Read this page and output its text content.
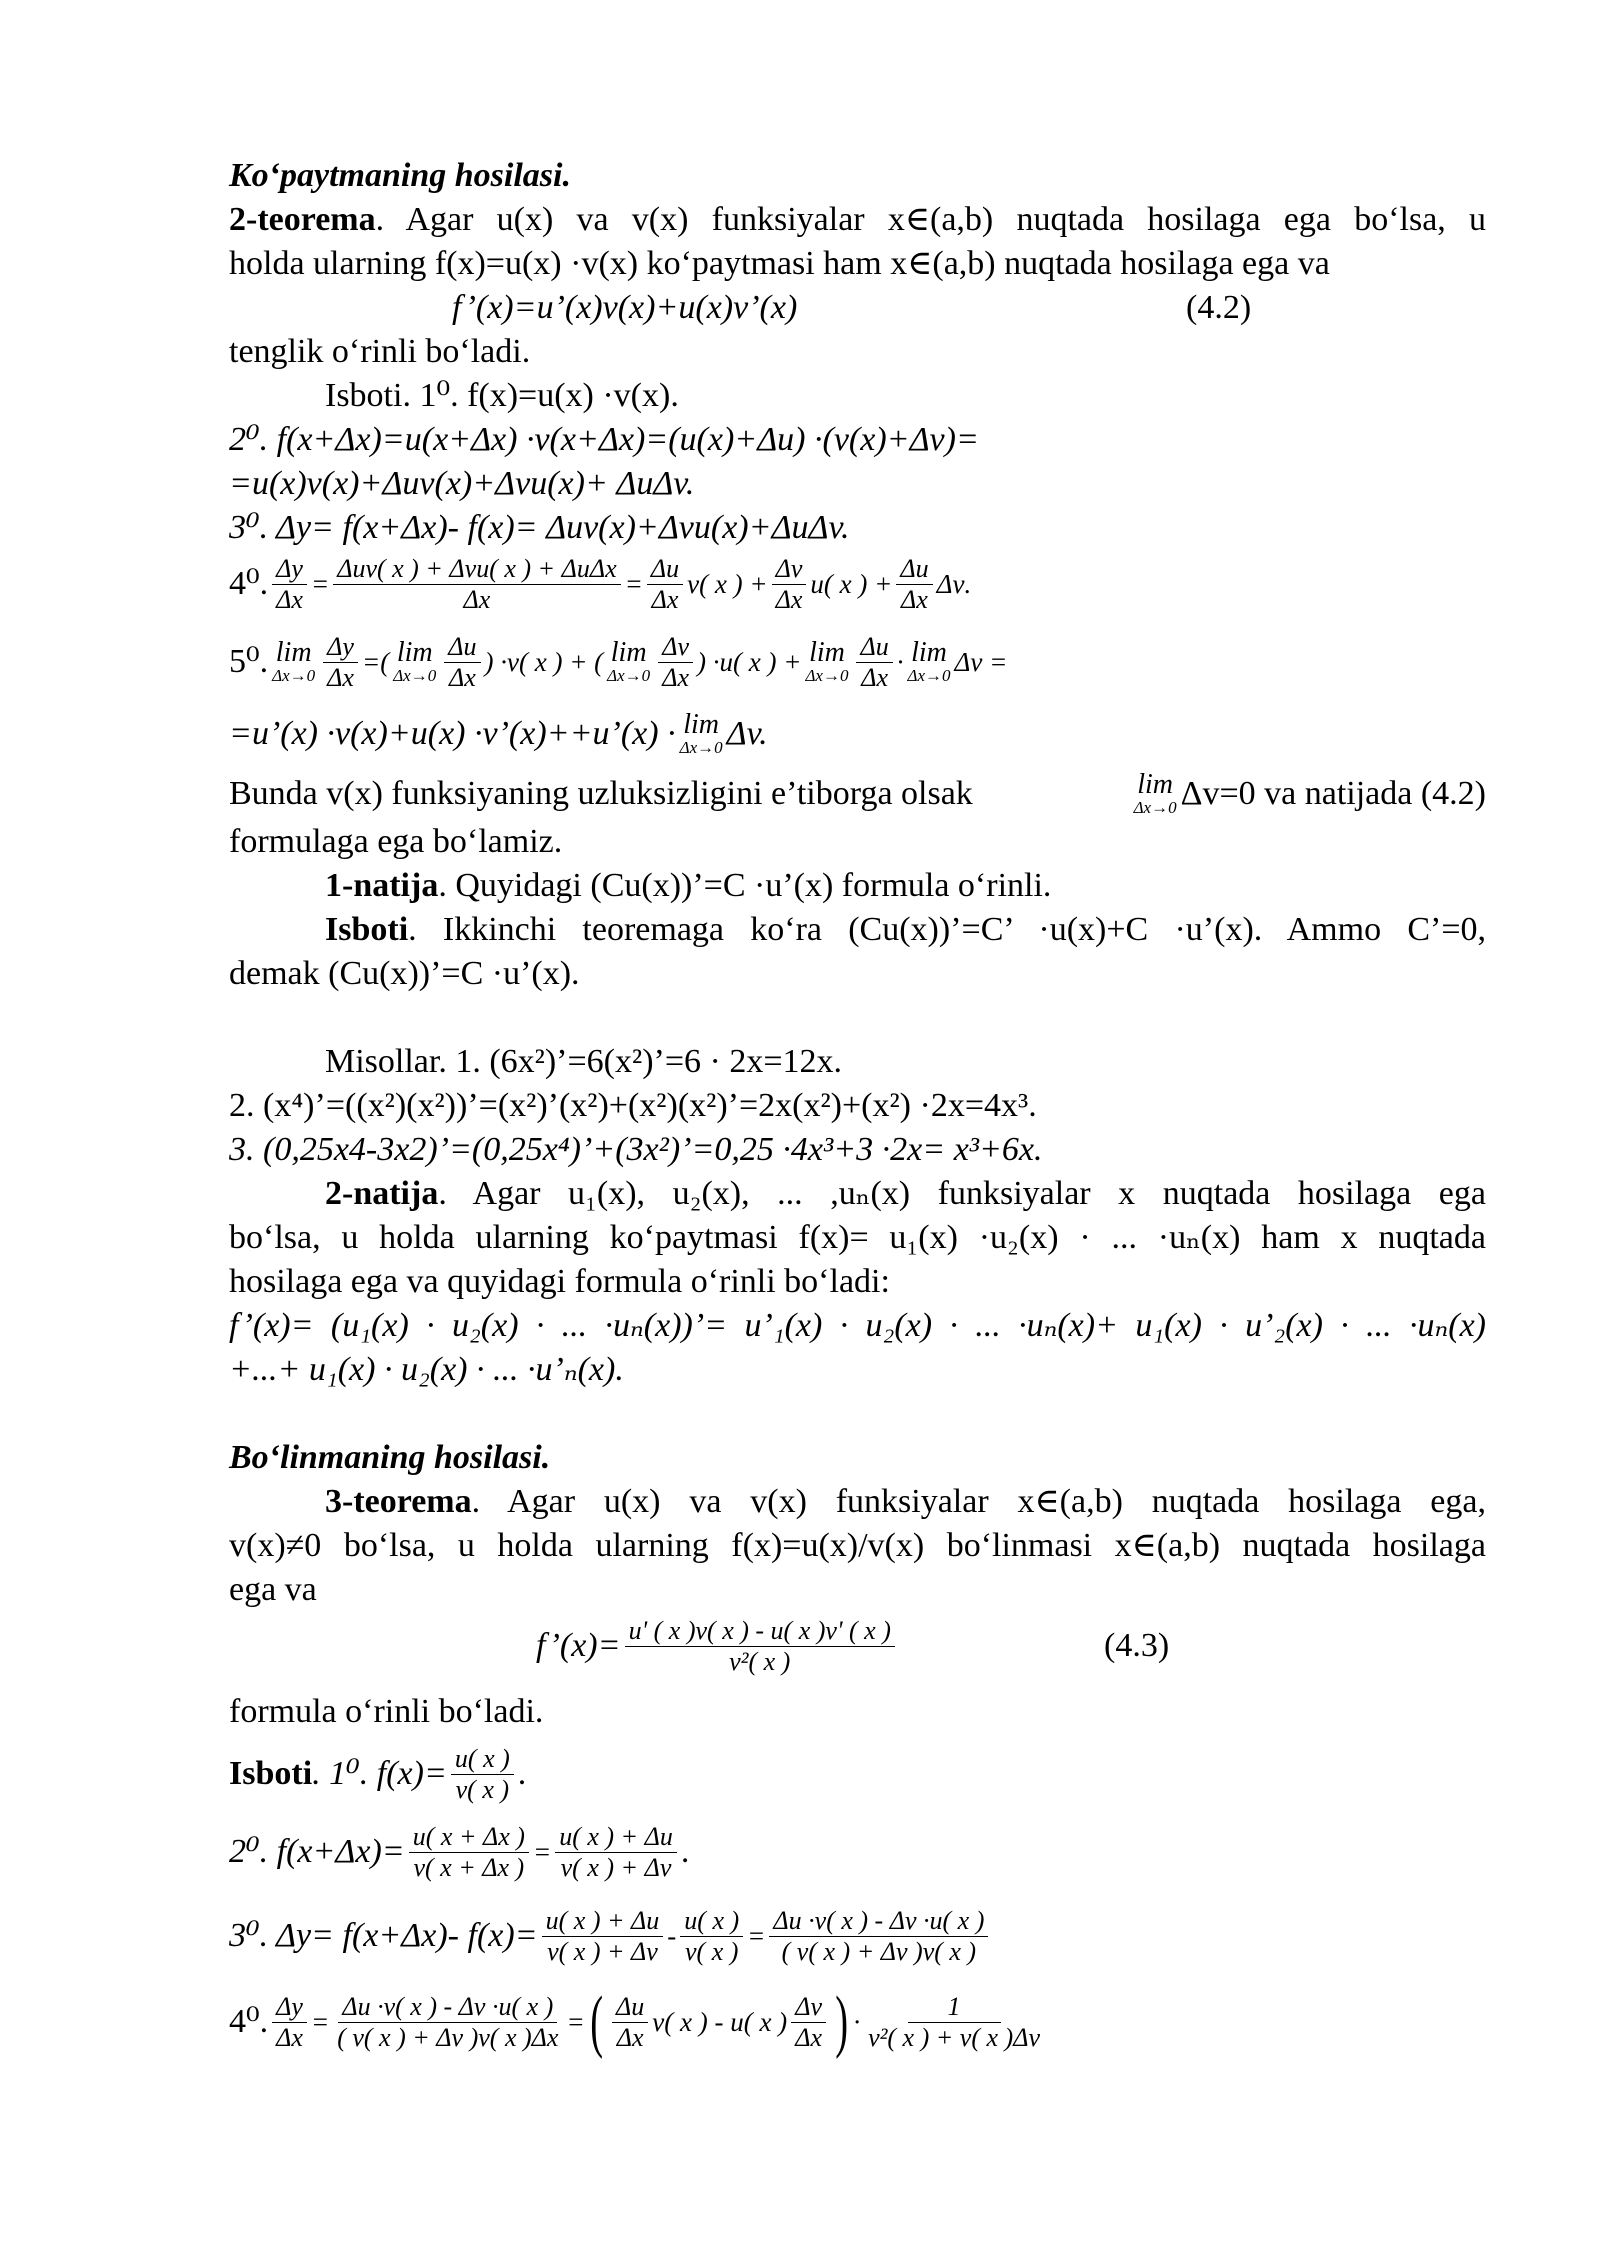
Ko‘paytmaning hosilasi.
2-teorema. Agar u(x) va v(x) funksiyalar x∈(a,b) nuqtada hosilaga ega bo‘lsa, u
holda ularning f(x)=u(x) ·v(x) ko‘paytmasi ham x∈(a,b) nuqtada hosilaga ega va
f’(x)=u’(x)v(x)+u(x)v’(x)	(4.2)
tenglik o‘rinli bo‘ladi.
Isboti. 1⁰. f(x)=u(x) ·v(x).
2⁰. f(x+Δx)=u(x+Δx) ·v(x+Δx)=(u(x)+Δu) ·(v(x)+Δv)=
=u(x)v(x)+Δuv(x)+Δvu(x)+ ΔuΔv.
3⁰. Δy= f(x+Δx)- f(x)= Δuv(x)+Δvu(x)+ΔuΔv.
4⁰. $\frac{\Delta y}{\Delta x} = \frac{\text{Δuv( x ) + Δvu( x ) + ΔuΔx}}{\Delta x} = \frac{\Delta u}{\Delta x} v$( x ) + $\frac{\Delta v}{\Delta x} u$( x ) + $\frac{\Delta u}{\Delta x}$ Δv .
5⁰. lim
$\Delta x\to 0 \frac{\Delta y}{\Delta x}$ =( lim
$\Delta x\to 0 \frac{\Delta u}{\Delta x}$ ) ·v( x ) + ( lim
$\Delta x\to 0 \frac{\Delta v}{\Delta x}$ ) ·u( x ) + lim
$\Delta x\to 0 \frac{\Delta u}{\Delta x} \cdot \lim$
Δx→0 Δv =
=u’(x) ·v(x)+u(x) ·v’(x)++u’(x) · lim
Δx→0 Δv.
Bunda v(x) funksiyaning uzluksizligini e’tiborga olsak	lim
Δx→0 Δv=0 va natijada (4.2)
formulaga ega bo‘lamiz.
1-natija. Quyidagi (Cu(x))’=C ·u’(x) formula o‘rinli.
Isboti. Ikkinchi teoremaga ko‘ra (Cu(x))’=C’ ·u(x)+C ·u’(x). Ammo C’=0,
demak (Cu(x))’=C ·u’(x).
Misollar. 1. (6x²)’=6(x²)’=6 · 2x=12x.
2. (x⁴)’=((x²)(x²))’=(x²)’(x²)+(x²)(x²)’=2x(x²)+(x²) ·2x=4x³.
3. (0,25x4-3x2)’=(0,25x⁴)’+(3x²)’=0,25 ·4x³+3 ·2x= x³+6x.
2-natija. Agar u₁(x), u₂(x), ... ,uₙ(x) funksiyalar x nuqtada hosilaga ega
bo‘lsa, u holda ularning ko‘paytmasi f(x)= u₁(x) ·u₂(x) · ... ·uₙ(x) ham x nuqtada
hosilaga ega va quyidagi formula o‘rinli bo‘ladi:
f’(x)= (u₁(x) · u₂(x) · ... ·uₙ(x))’= u’₁(x) · u₂(x) · ... ·uₙ(x)+ u₁(x) · u’₂(x) · ... ·uₙ(x)
+...+ u₁(x) · u₂(x) · ... ·u’ₙ(x).
Bo‘linmaning hosilasi.
3-teorema. Agar u(x) va v(x) funksiyalar x∈(a,b) nuqtada hosilaga ega,
v(x)≠0 bo‘lsa, u holda ularning f(x)=u(x)/v(x) bo‘linmasi x∈(a,b) nuqtada hosilaga
ega va
f’(x)= $\frac{u' ( x )v( x ) - u( x )v' ( x )}{\text{v²( x )}}$	(4.3)
formula o‘rinli bo‘ladi.
Isboti . 1⁰. $f(x)= \frac{u( x )}{v( x )}$ .
2⁰. $f(x+\Delta x)= \frac{u( x + \Delta x )}{v( x + \Delta x )} = \frac{u( x ) + \Delta u}{v( x ) + \Delta v}$ .
3⁰. Δy= f(x+Δx)- $f(x)= \frac{u( x ) + \Delta u}{v( x ) + \Delta v} - \frac{u( x )}{v( x )} = \frac{\Delta u \cdot v( x ) - \Delta v \cdot u( x )}{( v( x ) + \Delta v )v( x )}$
4⁰. $\frac{\Delta y}{\Delta x} = \frac{\Delta u \cdot v( x ) - \Delta v \cdot u( x )}{( v( x ) + \Delta v )v( x )\Delta x}$ = ( $\frac{\Delta u}{\Delta x} v$( x ) - u( x ) $\frac{\Delta v}{\Delta x}$ ) · $\frac{1}{\text{v²( x ) + v( x )Δv}}$
